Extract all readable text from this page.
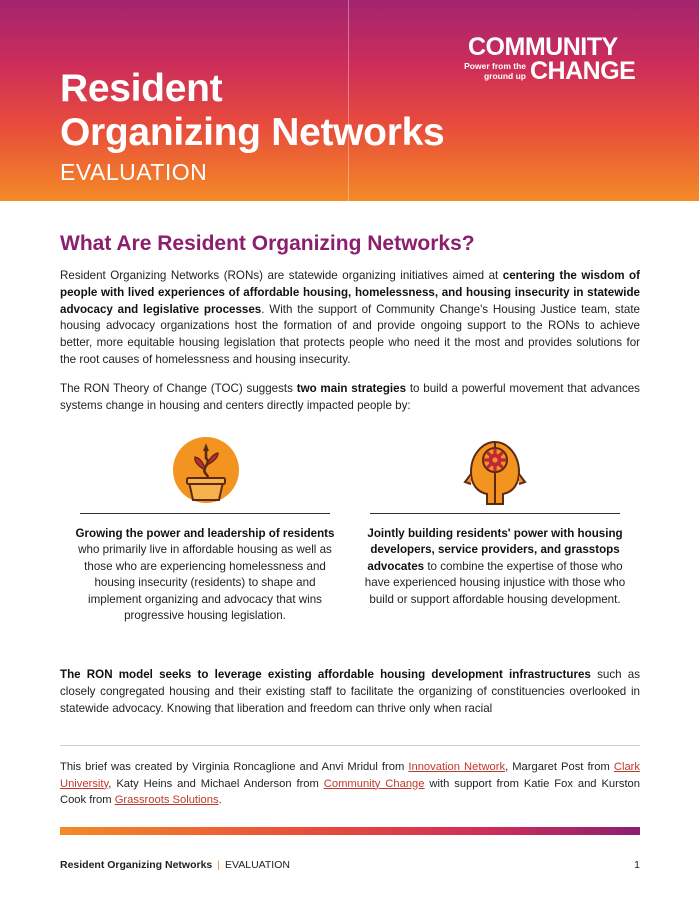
Resident
Organizing Networks
EVALUATION
COMMUNITY
Power from the
ground up CHANGE
What Are Resident Organizing Networks?

Resident Organizing Networks (RONs) are statewide organizing initiatives aimed at centering the wisdom of people with lived experiences of affordable housing, homelessness, and housing insecurity in statewide advocacy and legislative processes. With the support of Community Change's Housing Justice team, state housing advocacy organizations host the formation of and provide ongoing support to the RONs to achieve better, more equitable housing legislation that protects people who need it the most and provides solutions for the root causes of homelessness and housing insecurity.

The RON Theory of Change (TOC) suggests two main strategies to build a powerful movement that advances systems change in housing and centers directly impacted people by:

Growing the power and leadership of residents who primarily live in affordable housing as well as those who are experiencing homelessness and housing insecurity (residents) to shape and implement organizing and advocacy that wins progressive housing legislation.

Jointly building residents' power with housing developers, service providers, and grasstops advocates to combine the expertise of those who have experienced housing injustice with those who build or support affordable housing development.

The RON model seeks to leverage existing affordable housing development infrastructures such as closely congregated housing and their existing staff to facilitate the organizing of constituencies overlooked in statewide advocacy. Knowing that liberation and freedom can thrive only when racial

This brief was created by Virginia Roncaglione and Anvi Mridul from Innovation Network, Margaret Post from Clark University, Katy Heins and Michael Anderson from Community Change with support from Katie Fox and Kurston Cook from Grassroots Solutions.

Resident Organizing Networks | EVALUATION	1
